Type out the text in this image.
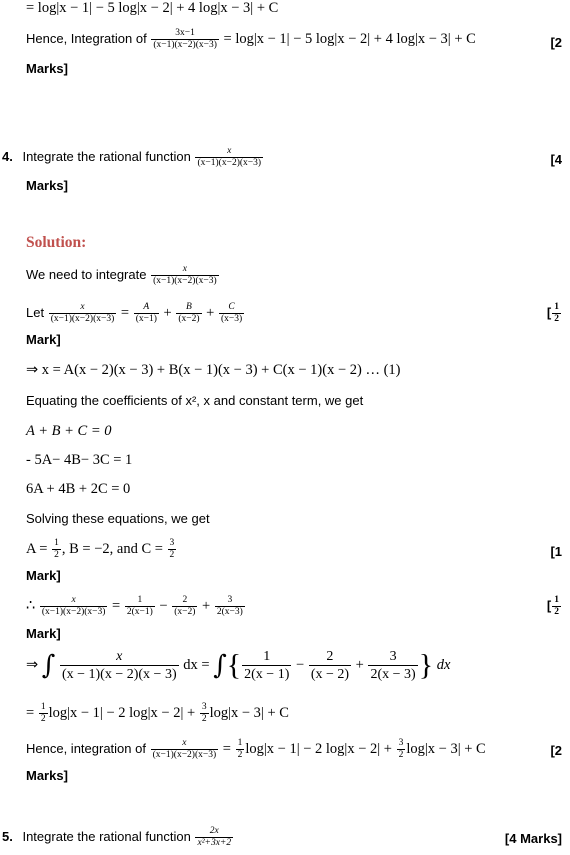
= log|x − 1| − 5 log|x − 2| + 4 log|x − 3| + C
Hence, Integration of $\frac{3x-1}{(x-1)(x-2)(x-3)} = \log|x - 1| - 5$ log|x − 2| + 4 log|x − 3| + C	[2
Marks]
4. Integrate the rational function $\frac{x}{(x-1)(x-2)(x-3)}$	[4
Marks]
Solution:
We need to integrate $\frac{x}{(x-1)(x-2)(x-3)}$
Let $\frac{x}{(x-1)(x-2)(x-3)} = \frac{A}{(x-1)} + \frac{B}{(x-2)} + \frac{C}{(x-3)}$	[ $\frac{1}{2}$
Mark]
⇒ x = A(x − 2)(x − 3) + B(x − 1)(x − 3) + C(x − 1)(x − 2) … (1)
Equating the coefficients of x², x and constant term, we get
A + B + C = 0
- 5A− 4B− 3C = 1
6A + 4B + 2C = 0
Solving these equations, we get
$A = \frac{1}{2}$ , B = −2, and $C = \frac{3}{2}$	[1
Mark]
∴ $\frac{x}{(x-1)(x-2)(x-3)} = \frac{1}{2(x-1)} - \frac{2}{(x-2)} + \frac{3}{2(x-3)}$	[ $\frac{1}{2}$
Mark]
⇒ ∫ $\frac{x}{(x - 1)(x - 2)(x - 3)}$ dx = ∫{ $\frac{1}{2(x - 1)} - \frac{2}{(x - 2)} + \frac{3}{2(x - 3)}$ } dx
= $\frac{1}{2} \log|x - 1| - 2$ $\log|x - 2| + \frac{3}{2} \log|x - 3| + C$
Hence, integration of $\frac{x}{(x-1)(x-2)(x-3)} = \frac{1}{2} \log|x - 1| - 2$ $\log|x - 2| + \frac{3}{2} \log|x - 3| + C$	[2
Marks]
5. Integrate the rational function $\frac{2x}{\text{x²+3x+2}}$	[4 Marks]
